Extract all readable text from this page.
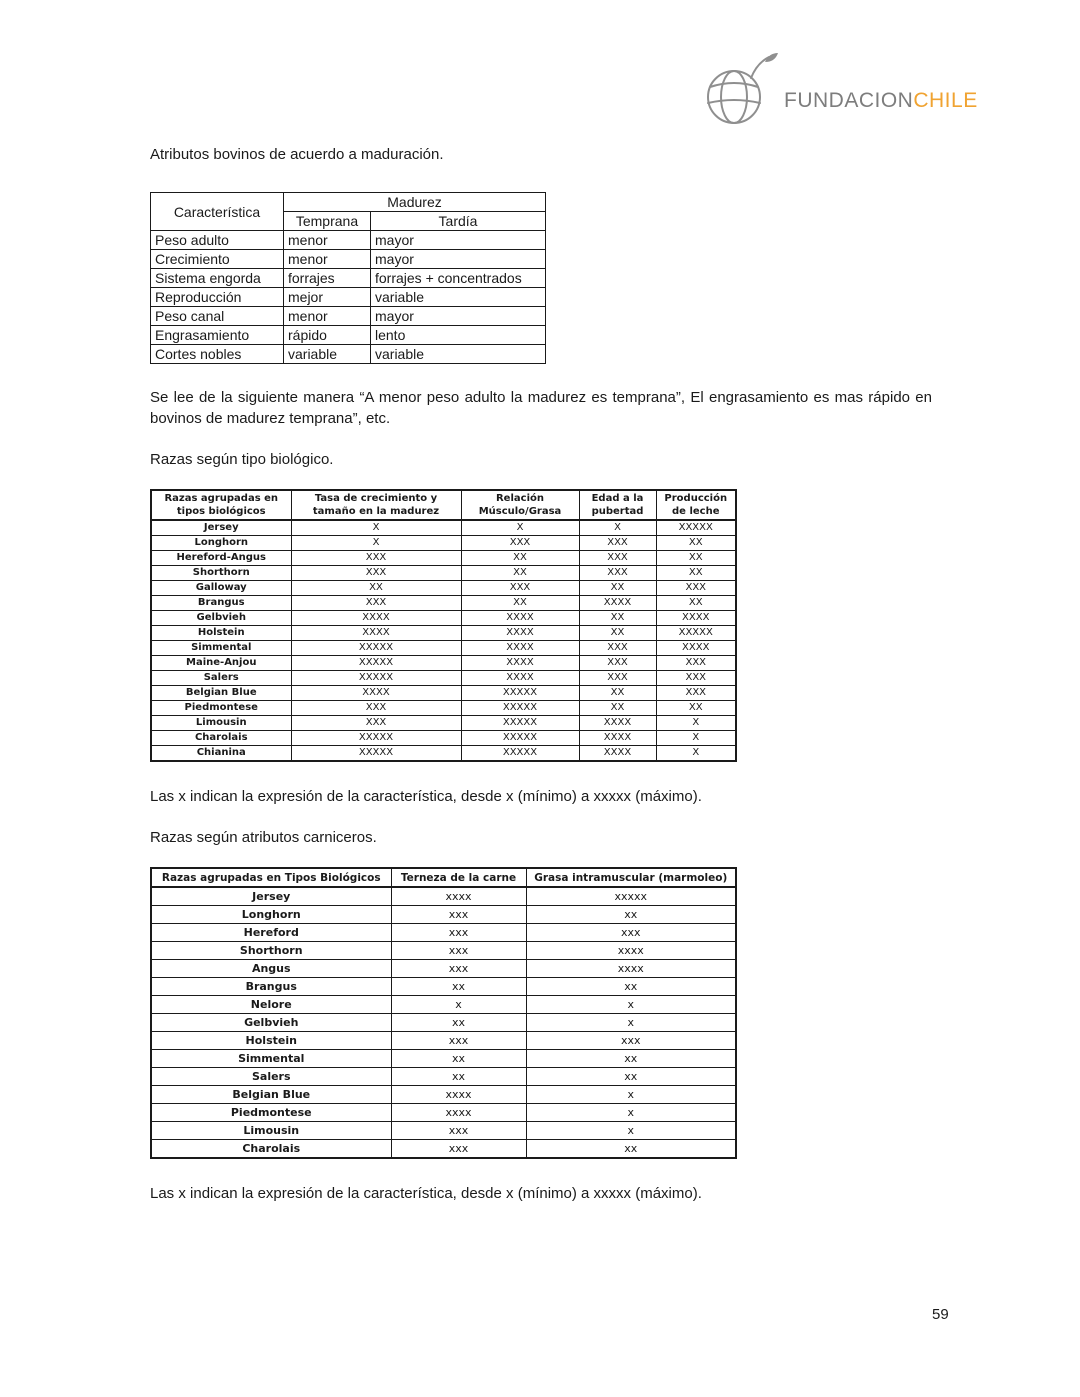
FUNDACIONCHILE
Atributos bovinos de acuerdo a maduración.
Característica	Madurez	
	Temprana	Tardía
Peso adulto	menor	mayor
Crecimiento	menor	mayor
Sistema engorda	forrajes	forrajes + concentrados
Reproducción	mejor	variable
Peso canal	menor	mayor
Engrasamiento	rápido	lento
Cortes nobles	variable	variable
Se lee de la siguiente manera “A menor peso adulto la madurez es temprana”, El engrasamiento es mas rápido en bovinos de madurez temprana”, etc.
Razas según tipo biológico.
Razas agrupadas en tipos biológicos	Tasa de crecimiento y tamaño en la madurez	Relación Músculo/Grasa	Edad a la pubertad	Producción de leche
Jersey	X	X	X	XXXXX
Longhorn	X	XXX	XXX	XX
Hereford-Angus	XXX	XX	XXX	XX
Shorthorn	XXX	XX	XXX	XX
Galloway	XX	XXX	XX	XXX
Brangus	XXX	XX	XXXX	XX
Gelbvieh	XXXX	XXXX	XX	XXXX
Holstein	XXXX	XXXX	XX	XXXXX
Simmental	XXXXX	XXXX	XXX	XXXX
Maine-Anjou	XXXXX	XXXX	XXX	XXX
Salers	XXXXX	XXXX	XXX	XXX
Belgian Blue	XXXX	XXXXX	XX	XXX
Piedmontese	XXX	XXXXX	XX	XX
Limousin	XXX	XXXXX	XXXX	X
Charolais	XXXXX	XXXXX	XXXX	X
Chianina	XXXXX	XXXXX	XXXX	X
Las x indican la expresión de la característica, desde x (mínimo) a xxxxx (máximo).
Razas según atributos carniceros.
Razas agrupadas en Tipos Biológicos	Terneza de la carne	Grasa intramuscular (marmoleo)
Jersey	xxxx	xxxxx
Longhorn	xxx	xx
Hereford	xxx	xxx
Shorthorn	xxx	xxxx
Angus	xxx	xxxx
Brangus	xx	xx
Nelore	x	x
Gelbvieh	xx	x
Holstein	xxx	xxx
Simmental	xx	xx
Salers	xx	xx
Belgian Blue	xxxx	x
Piedmontese	xxxx	x
Limousin	xxx	x
Charolais	xxx	xx
Las x indican la expresión de la característica, desde x (mínimo) a xxxxx (máximo).
59
